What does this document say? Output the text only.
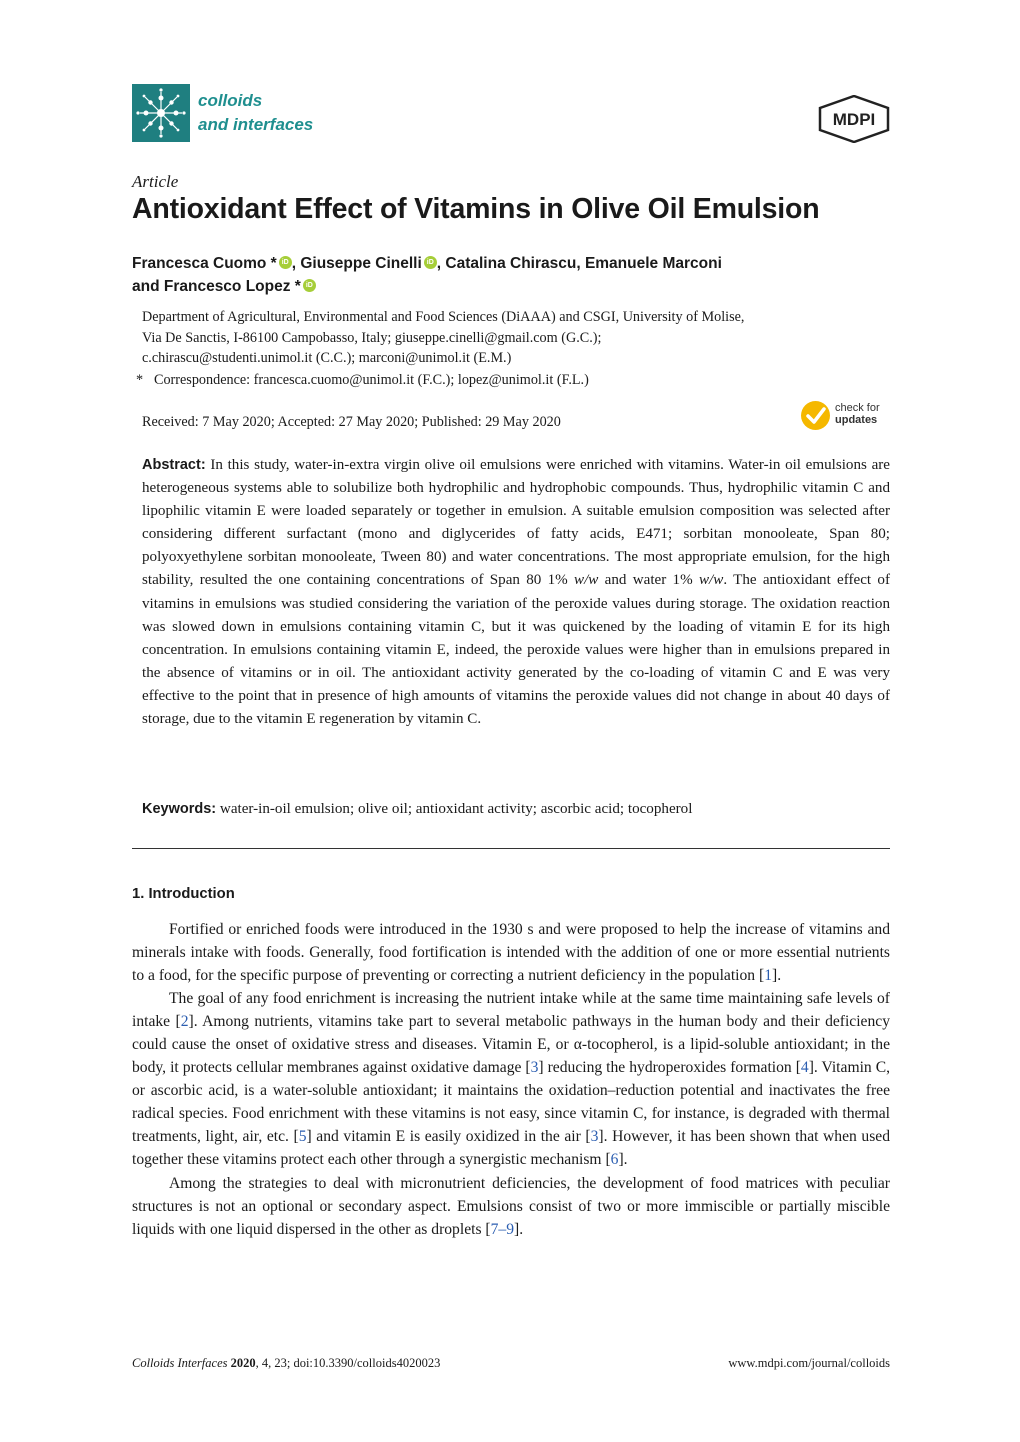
colloids
and interfaces	MDPI
Article
Antioxidant Effect of Vitamins in Olive Oil Emulsion
Francesca Cuomo * iD , Giuseppe Cinelli iD , Catalina Chirascu, Emanuele Marconi
and Francesco Lopez * iD
Department of Agricultural, Environmental and Food Sciences (DiAAA) and CSGI, University of Molise,
Via De Sanctis, I-86100 Campobasso, Italy; giuseppe.cinelli@gmail.com (G.C.);
c.chirascu@studenti.unimol.it (C.C.); marconi@unimol.it (E.M.)
* Correspondence: francesca.cuomo@unimol.it (F.C.); lopez@unimol.it (F.L.)
Received: 7 May 2020; Accepted: 27 May 2020; Published: 29 May 2020
check for
updates

Abstract: In this study, water-in-extra virgin olive oil emulsions were enriched with vitamins. Water-in oil emulsions are heterogeneous systems able to solubilize both hydrophilic and hydrophobic compounds. Thus, hydrophilic vitamin C and lipophilic vitamin E were loaded separately or together in emulsion. A suitable emulsion composition was selected after considering different surfactant (mono and diglycerides of fatty acids, E471; sorbitan monooleate, Span 80; polyoxyethylene sorbitan monooleate, Tween 80) and water concentrations. The most appropriate emulsion, for the high stability, resulted the one containing concentrations of Span 80 1% w/w and water 1% w/w. The antioxidant effect of vitamins in emulsions was studied considering the variation of the peroxide values during storage. The oxidation reaction was slowed down in emulsions containing vitamin C, but it was quickened by the loading of vitamin E for its high concentration. In emulsions containing vitamin E, indeed, the peroxide values were higher than in emulsions prepared in the absence of vitamins or in oil. The antioxidant activity generated by the co-loading of vitamin C and E was very effective to the point that in presence of high amounts of vitamins the peroxide values did not change in about 40 days of storage, due to the vitamin E regeneration by vitamin C.

Keywords: water-in-oil emulsion; olive oil; antioxidant activity; ascorbic acid; tocopherol

1. Introduction

Fortified or enriched foods were introduced in the 1930 s and were proposed to help the increase of vitamins and minerals intake with foods. Generally, food fortification is intended with the addition of one or more essential nutrients to a food, for the specific purpose of preventing or correcting a nutrient deficiency in the population [1].

The goal of any food enrichment is increasing the nutrient intake while at the same time maintaining safe levels of intake [2]. Among nutrients, vitamins take part to several metabolic pathways in the human body and their deficiency could cause the onset of oxidative stress and diseases. Vitamin E, or α-tocopherol, is a lipid-soluble antioxidant; in the body, it protects cellular membranes against oxidative damage [3] reducing the hydroperoxides formation [4]. Vitamin C, or ascorbic acid, is a water-soluble antioxidant; it maintains the oxidation–reduction potential and inactivates the free radical species. Food enrichment with these vitamins is not easy, since vitamin C, for instance, is degraded with thermal treatments, light, air, etc. [5] and vitamin E is easily oxidized in the air [3]. However, it has been shown that when used together these vitamins protect each other through a synergistic mechanism [6].

Among the strategies to deal with micronutrient deficiencies, the development of food matrices with peculiar structures is not an optional or secondary aspect. Emulsions consist of two or more immiscible or partially miscible liquids with one liquid dispersed in the other as droplets [7–9].

Colloids Interfaces 2020, 4, 23; doi:10.3390/colloids4020023	www.mdpi.com/journal/colloids
